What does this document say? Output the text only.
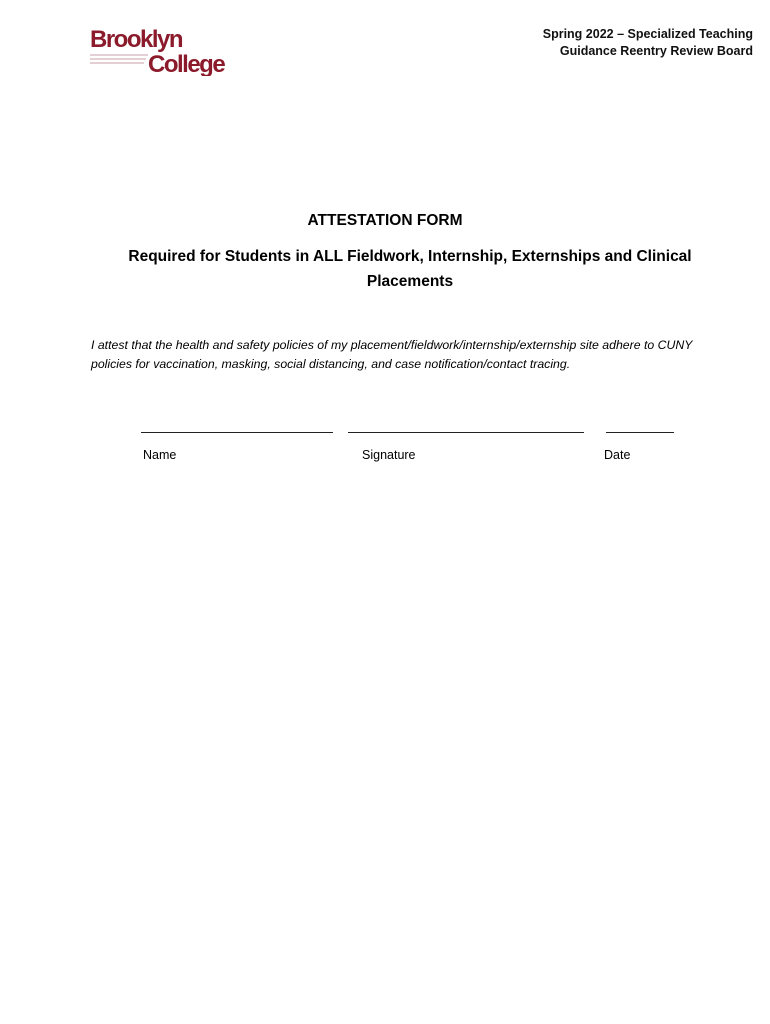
Brooklyn
College
Spring 2022 – Specialized Teaching
Guidance Reentry Review Board
ATTESTATION FORM
Required for Students in ALL Fieldwork, Internship, Externships and Clinical Placements
I attest that the health and safety policies of my placement/fieldwork/internship/externship site adhere to CUNY policies for vaccination, masking, social distancing, and case notification/contact tracing.
Name	Signature	Date
